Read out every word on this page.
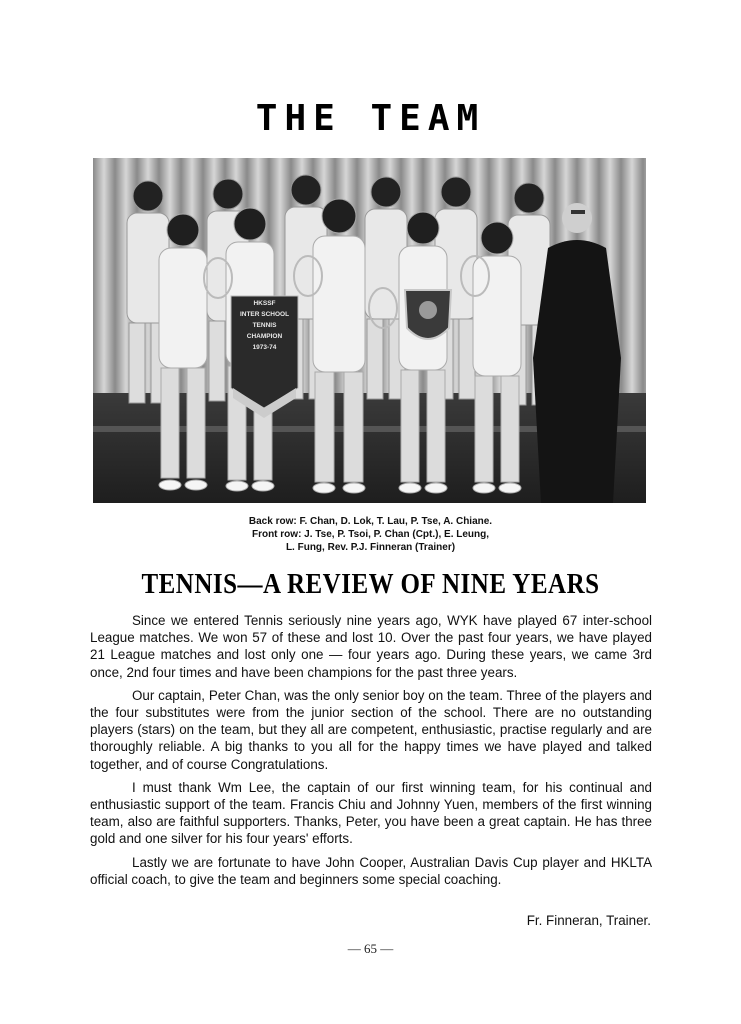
THE TEAM
HKSSF
INTER SCHOOL
TENNIS
CHAMPION
1973-74
Back row: F. Chan, D. Lok, T. Lau, P. Tse, A. Chiane.
Front row: J. Tse, P. Tsoi, P. Chan (Cpt.), E. Leung,
L. Fung, Rev. P.J. Finneran (Trainer)
TENNIS—A REVIEW OF NINE YEARS

Since we entered Tennis seriously nine years ago, WYK have played 67 inter-school League matches. We won 57 of these and lost 10. Over the past four years, we have played 21 League matches and lost only one — four years ago. During these years, we came 3rd once, 2nd four times and have been champions for the past three years.

Our captain, Peter Chan, was the only senior boy on the team. Three of the players and the four substitutes were from the junior section of the school. There are no outstanding players (stars) on the team, but they all are competent, enthusiastic, practise regularly and are thoroughly reliable. A big thanks to you all for the happy times we have played and talked together, and of course Congratulations.

I must thank Wm Lee, the captain of our first winning team, for his continual and enthusiastic support of the team. Francis Chiu and Johnny Yuen, members of the first winning team, also are faithful supporters. Thanks, Peter, you have been a great captain. He has three gold and one silver for his four years' efforts.

Lastly we are fortunate to have John Cooper, Australian Davis Cup player and HKLTA official coach, to give the team and beginners some special coaching.

Fr. Finneran, Trainer.
— 65 —
